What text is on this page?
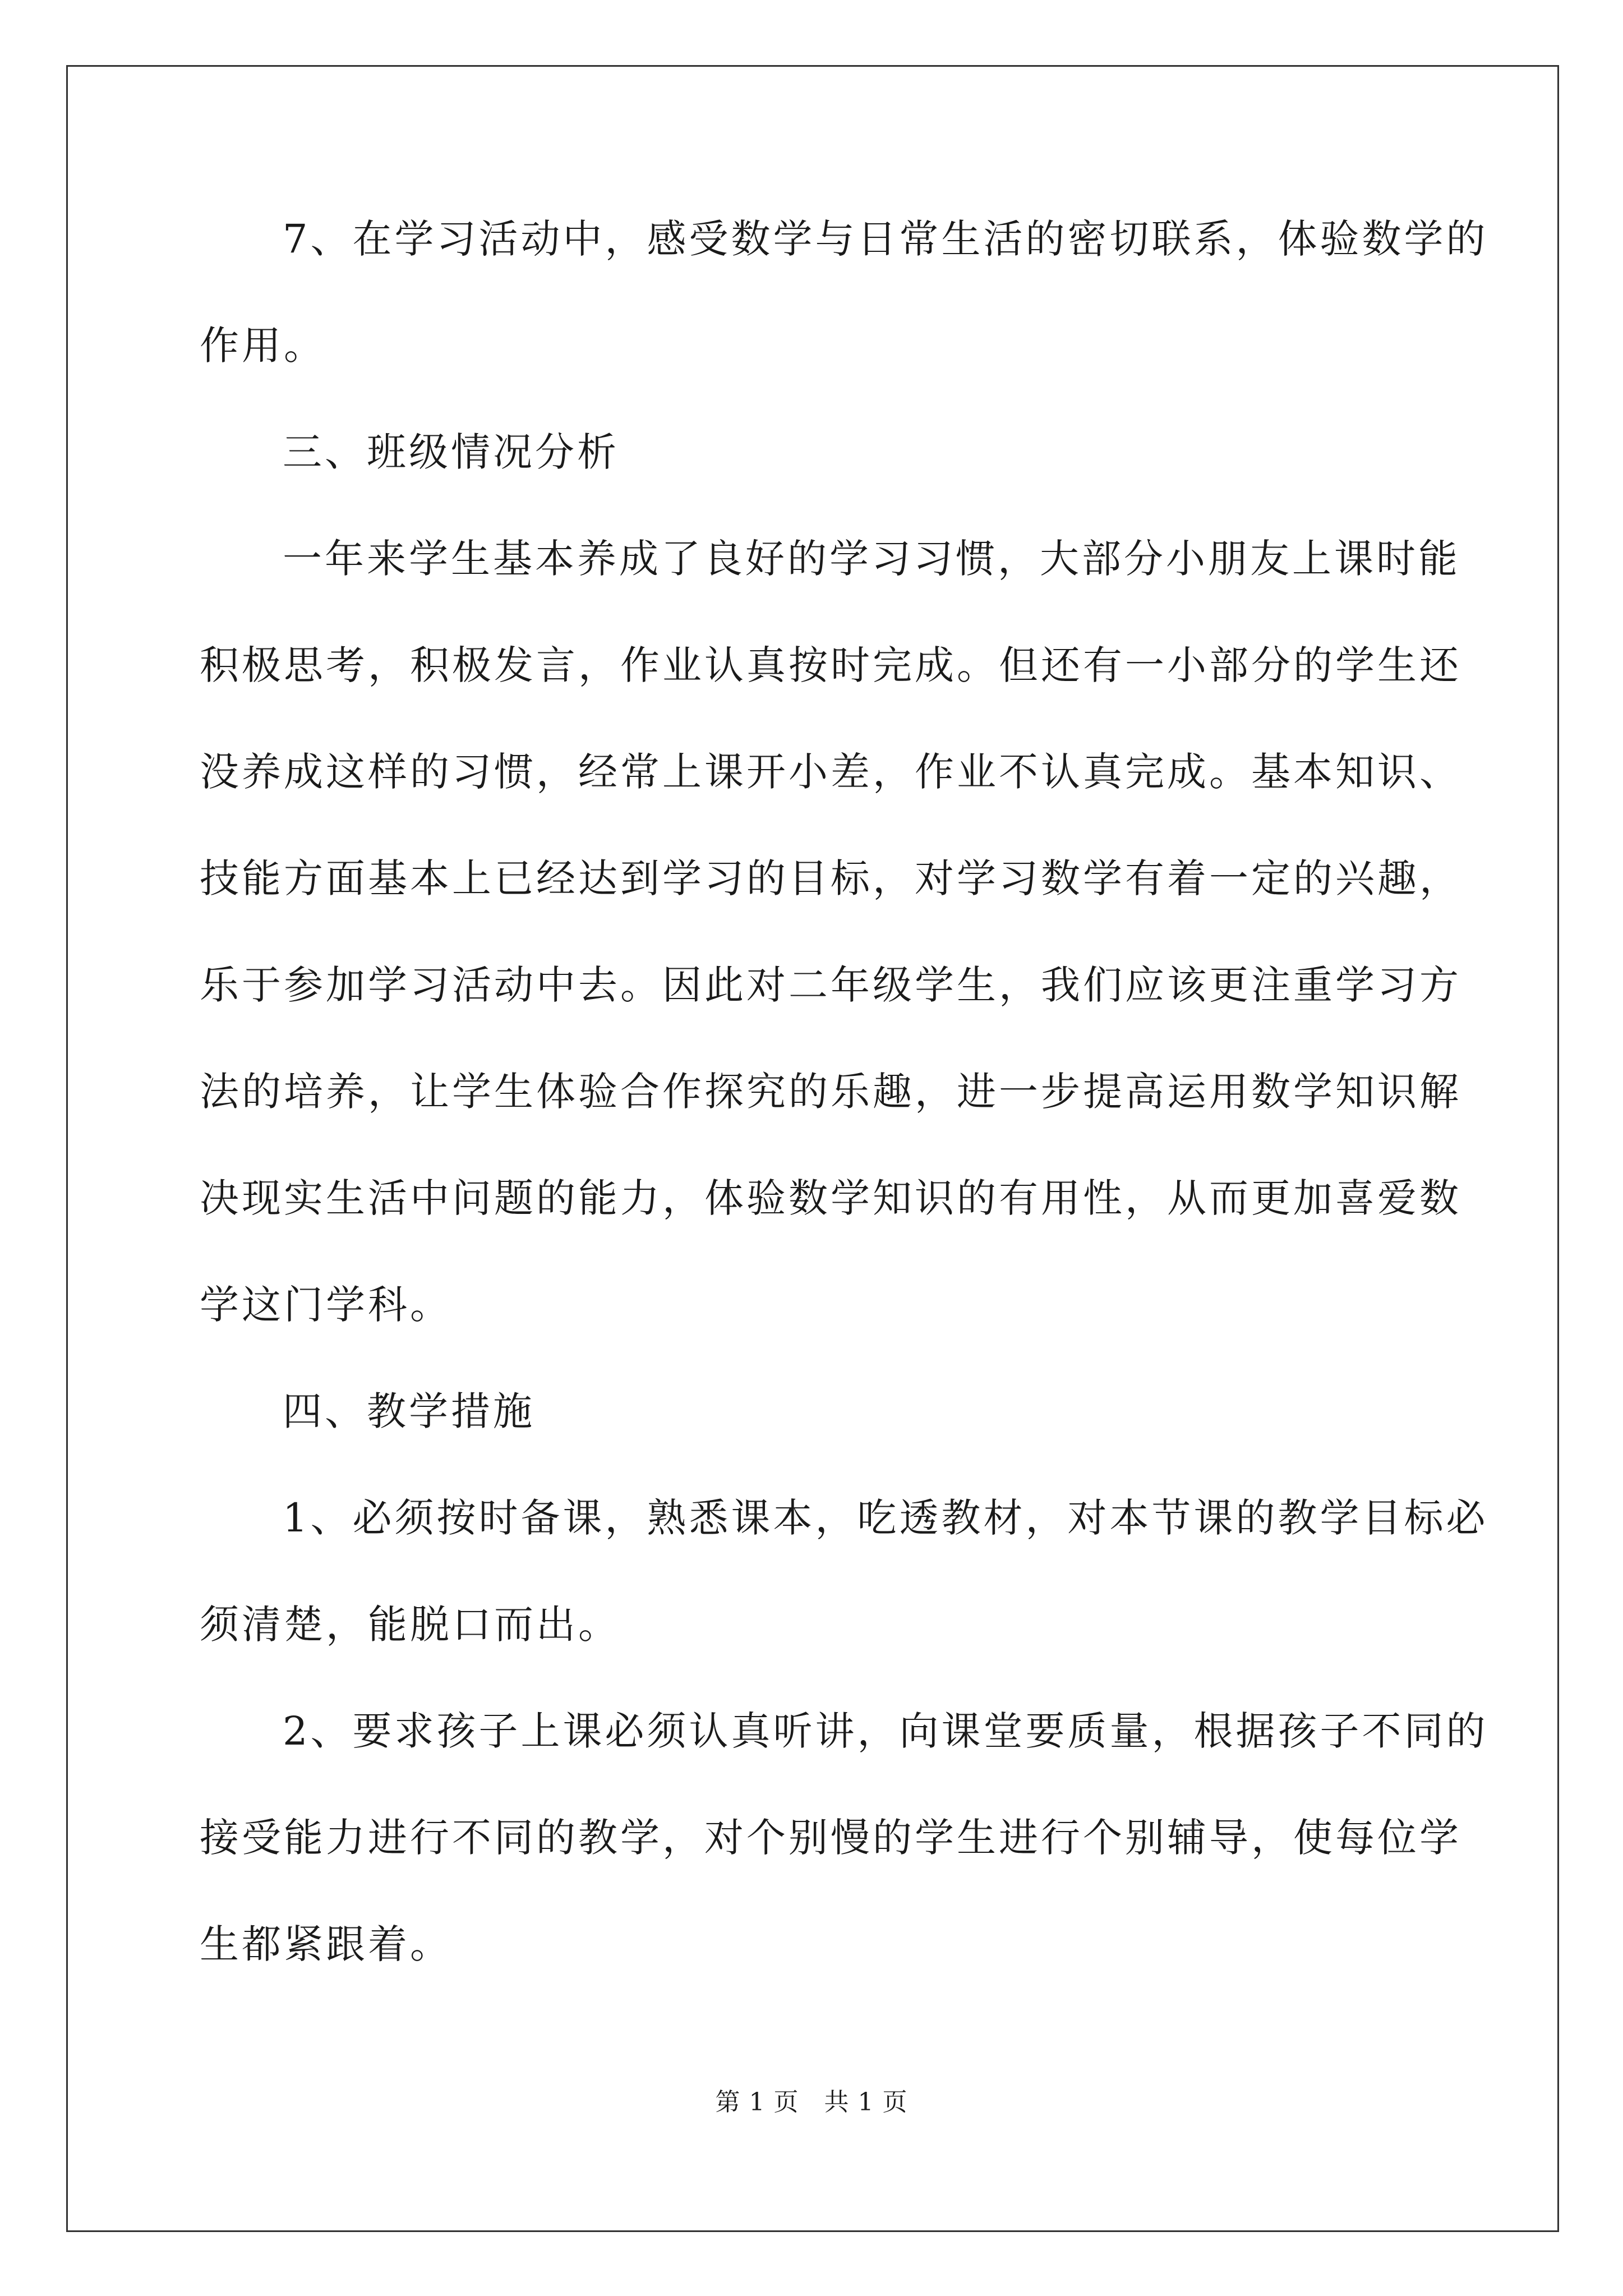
7、在学习活动中，感受数学与日常生活的密切联系，体验数学的
作用。
三、班级情况分析
一年来学生基本养成了良好的学习习惯，大部分小朋友上课时能
积极思考，积极发言，作业认真按时完成。但还有一小部分的学生还
没养成这样的习惯，经常上课开小差，作业不认真完成。基本知识、
技能方面基本上已经达到学习的目标，对学习数学有着一定的兴趣，
乐于参加学习活动中去。因此对二年级学生，我们应该更注重学习方
法的培养，让学生体验合作探究的乐趣，进一步提高运用数学知识解
决现实生活中问题的能力，体验数学知识的有用性，从而更加喜爱数
学这门学科。
四、教学措施
1、必须按时备课，熟悉课本，吃透教材，对本节课的教学目标必
须清楚，能脱口而出。
2、要求孩子上课必须认真听讲，向课堂要质量，根据孩子不同的
接受能力进行不同的教学，对个别慢的学生进行个别辅导，使每位学
生都紧跟着。
第 1 页　共 1 页
